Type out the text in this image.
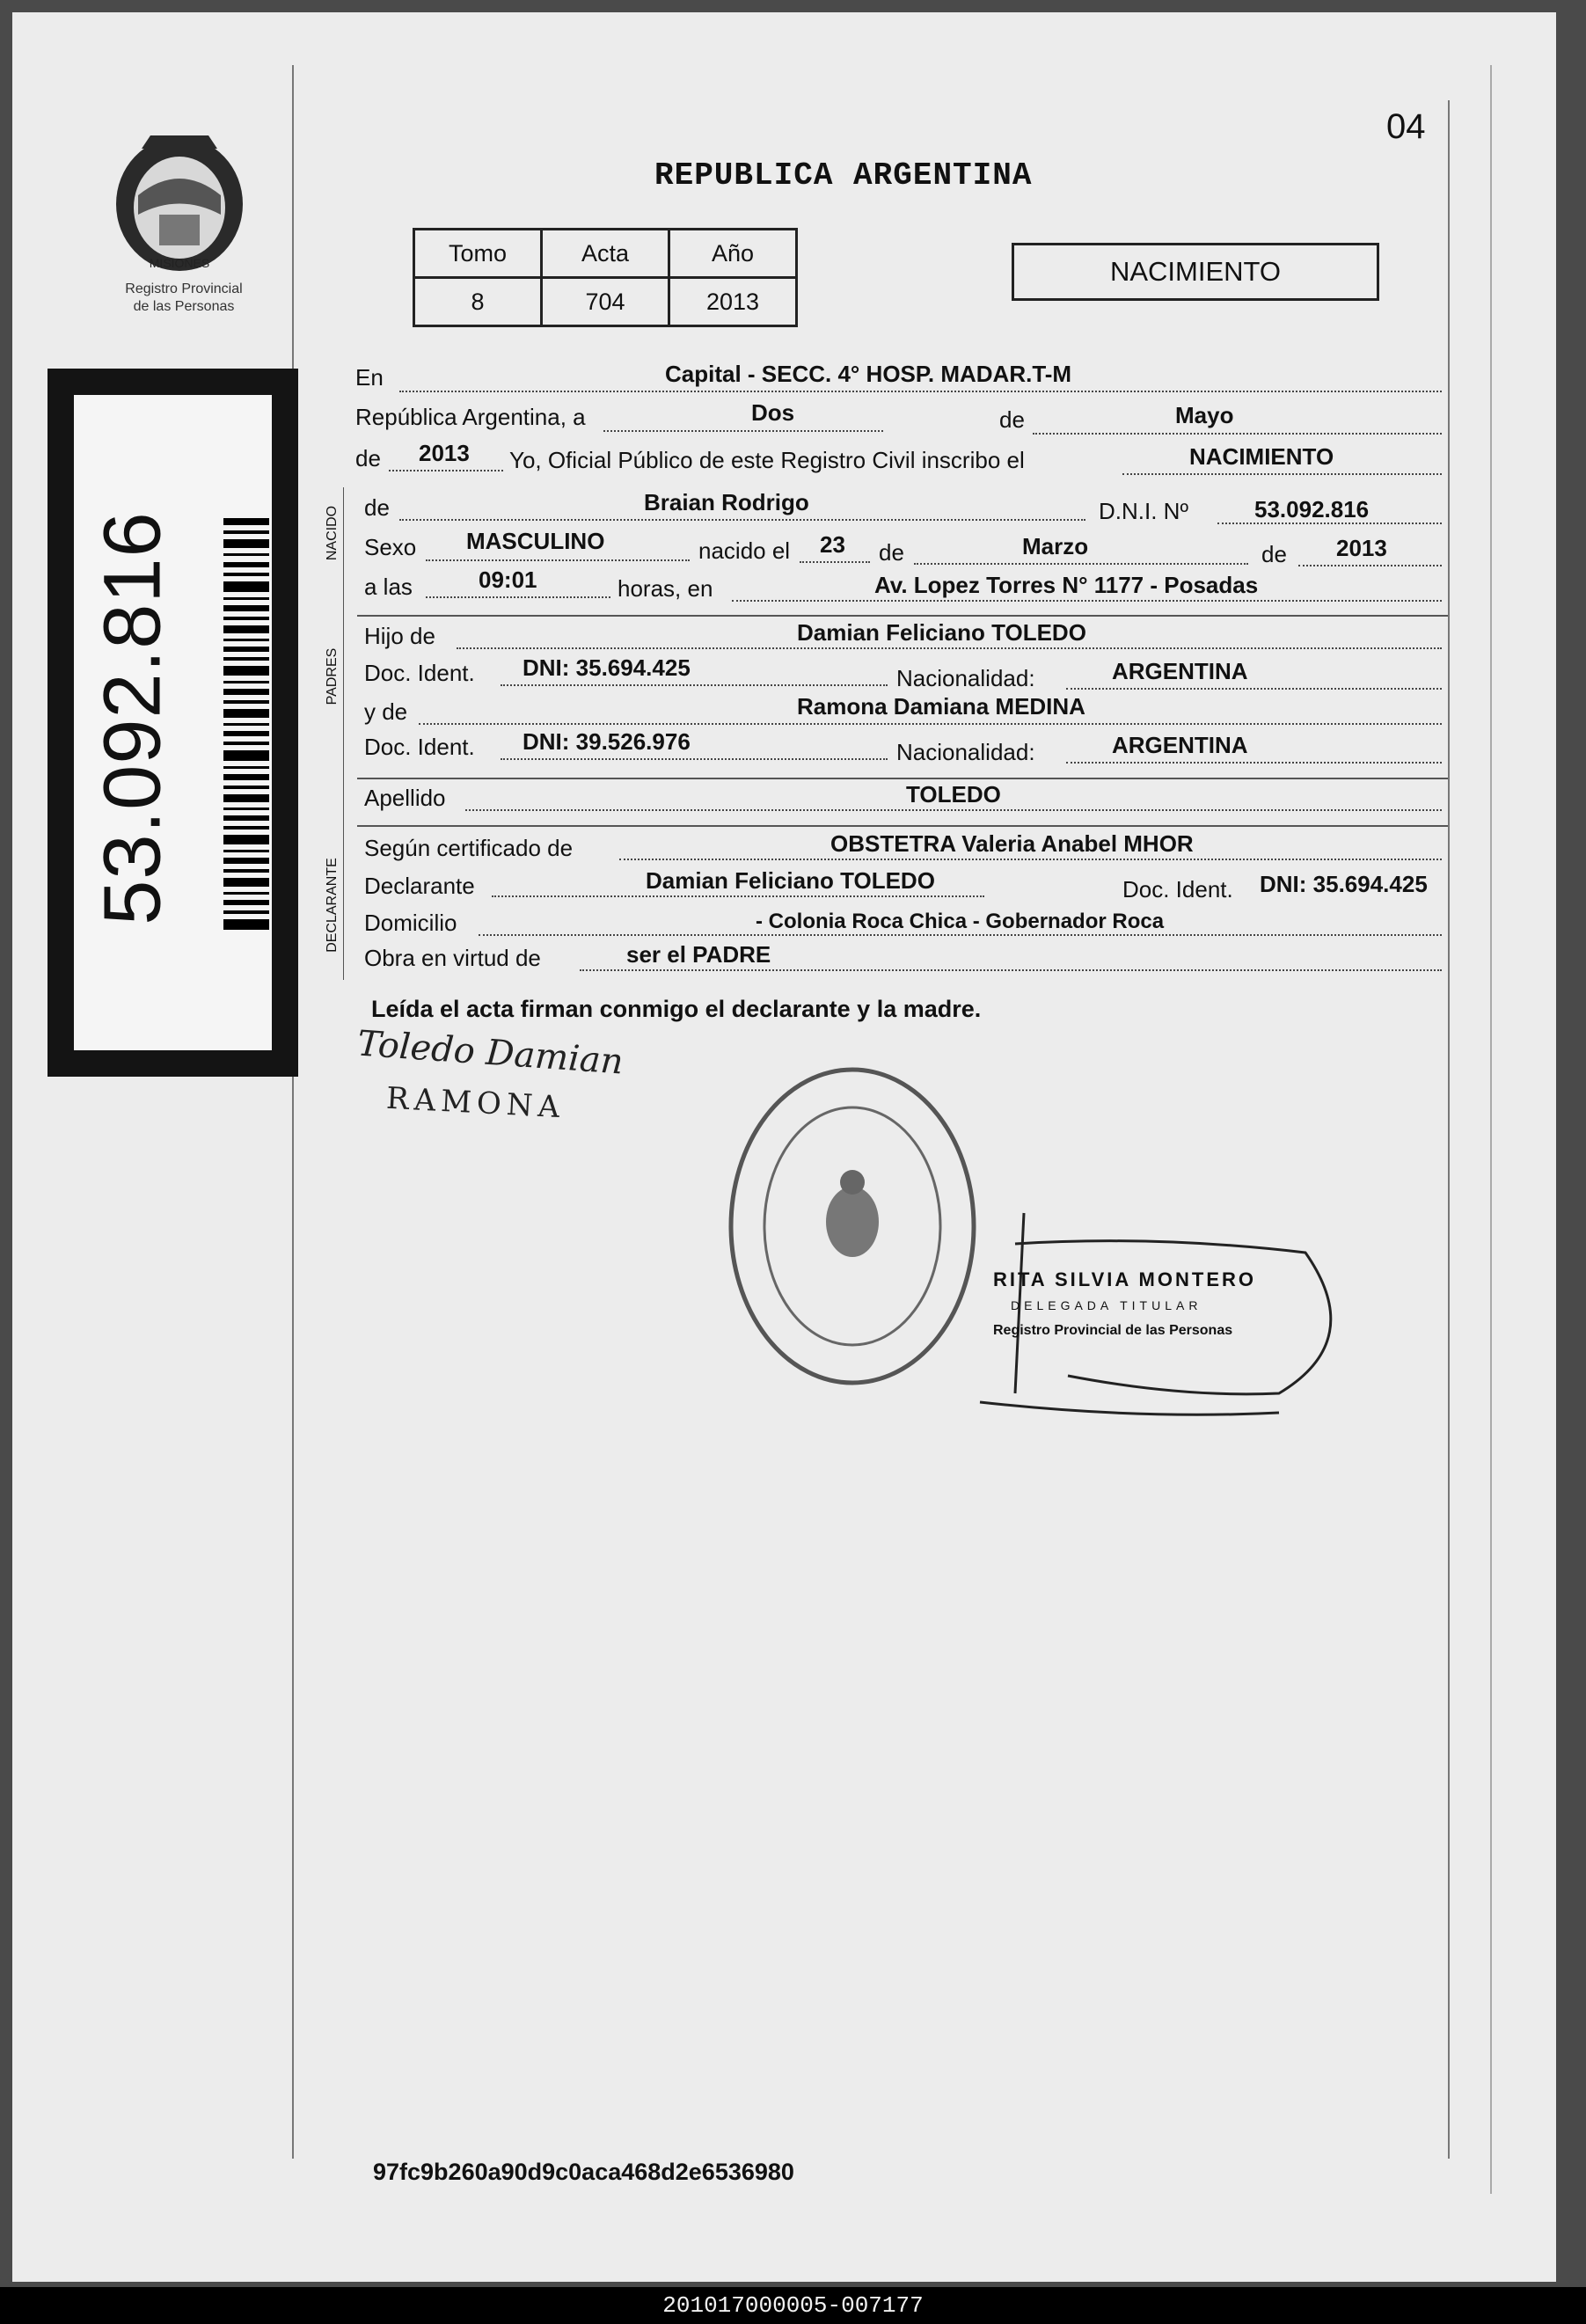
MISIONES
Registro Provincial
de las Personas
53.092.816
04
REPUBLICA ARGENTINA
Tomo	Acta	Año
8	704	2013
NACIMIENTO
NACIDO
PADRES
DECLARANTE
En	Capital - SECC. 4° HOSP. MADAR.T-M
República Argentina, a	Dos	de	Mayo
de 2013 Yo, Oficial Público de este Registro Civil inscribo el	NACIMIENTO
de	Braian Rodrigo	D.N.I. Nº	53.092.816
Sexo MASCULINO	nacido el 23 de	Marzo	de 2013
a las	09:01	horas, en	Av. Lopez Torres N° 1177 - Posadas
Hijo de	Damian Feliciano TOLEDO
Doc. Ident. DNI: 35.694.425	Nacionalidad:	ARGENTINA
y de	Ramona Damiana MEDINA
Doc. Ident. DNI: 39.526.976	Nacionalidad:	ARGENTINA
Apellido	TOLEDO
Según certificado de	OBSTETRA Valeria Anabel MHOR
Declarante	Damian Feliciano TOLEDO	Doc. Ident. DNI: 35.694.425
Domicilio	- Colonia Roca Chica - Gobernador Roca
Obra en virtud de	ser el PADRE
Leída el acta firman conmigo el declarante y la madre.
Toledo Damian
RAMONA
RITA SILVIA MONTERO
DELEGADA TITULAR
Registro Provincial de las Personas
97fc9b260a90d9c0aca468d2e6536980
201017000005-007177
